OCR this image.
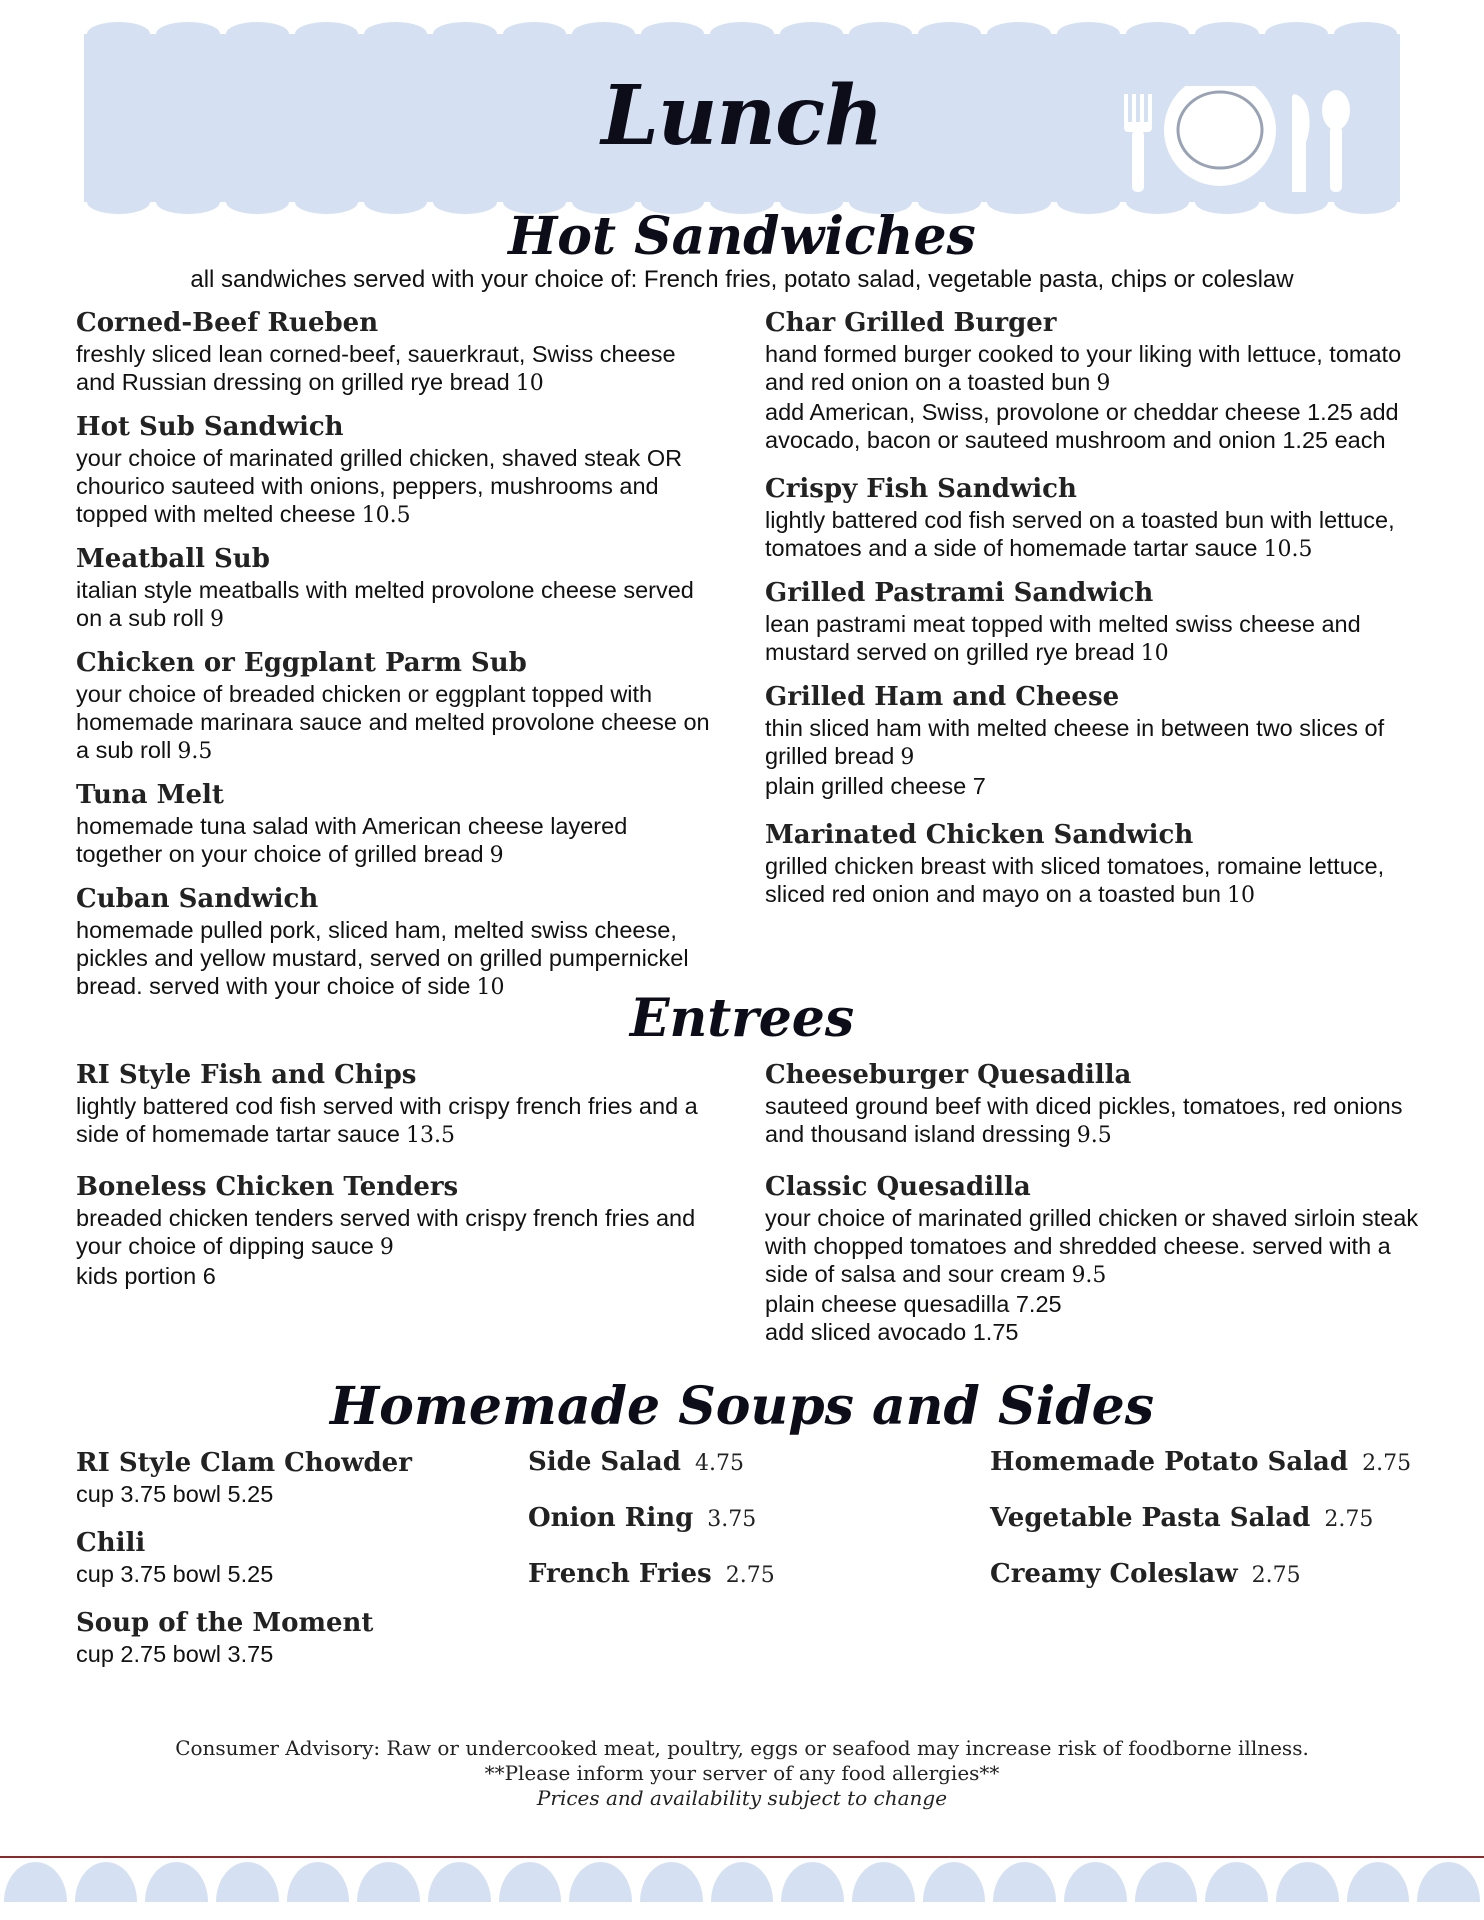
Lunch
Hot Sandwiches
all sandwiches served with your choice of: French fries, potato salad, vegetable pasta, chips or coleslaw
Corned-Beef Rueben
freshly sliced lean corned-beef, sauerkraut, Swiss cheese and Russian dressing on grilled rye bread 10
Hot Sub Sandwich
your choice of marinated grilled chicken, shaved steak OR chourico sauteed with onions, peppers, mushrooms and topped with melted cheese 10.5
Meatball Sub
italian style meatballs with melted provolone cheese served on a sub roll 9
Chicken or Eggplant Parm Sub
your choice of breaded chicken or eggplant topped with homemade marinara sauce and melted provolone cheese on a sub roll 9.5
Tuna Melt
homemade tuna salad with American cheese layered together on your choice of grilled bread 9
Cuban Sandwich
homemade pulled pork, sliced ham, melted swiss cheese, pickles and yellow mustard, served on grilled pumpernickel bread. served with your choice of side 10
Char Grilled Burger
hand formed burger cooked to your liking with lettuce, tomato and red onion on a toasted bun 9
add American, Swiss, provolone or cheddar cheese 1.25 add avocado, bacon or sauteed mushroom and onion 1.25 each
Crispy Fish Sandwich
lightly battered cod fish served on a toasted bun with lettuce, tomatoes and a side of homemade tartar sauce 10.5
Grilled Pastrami Sandwich
lean pastrami meat topped with melted swiss cheese and mustard served on grilled rye bread 10
Grilled Ham and Cheese
thin sliced ham with melted cheese in between two slices of grilled bread 9
plain grilled cheese 7
Marinated Chicken Sandwich
grilled chicken breast with sliced tomatoes, romaine lettuce, sliced red onion and mayo on a toasted bun 10
Entrees
RI Style Fish and Chips
lightly battered cod fish served with crispy french fries and a side of homemade tartar sauce 13.5
Boneless Chicken Tenders
breaded chicken tenders served with crispy french fries and your choice of dipping sauce 9
kids portion 6
Cheeseburger Quesadilla
sauteed ground beef with diced pickles, tomatoes, red onions and thousand island dressing 9.5
Classic Quesadilla
your choice of marinated grilled chicken or shaved sirloin steak with chopped tomatoes and shredded cheese. served with a side of salsa and sour cream 9.5
plain cheese quesadilla 7.25
add sliced avocado 1.75
Homemade Soups and Sides
RI Style Clam Chowder
cup 3.75 bowl 5.25
Chili
cup 3.75 bowl 5.25
Soup of the Moment
cup 2.75 bowl 3.75
Side Salad 4.75
Onion Ring 3.75
French Fries 2.75
Homemade Potato Salad 2.75
Vegetable Pasta Salad 2.75
Creamy Coleslaw 2.75
Consumer Advisory: Raw or undercooked meat, poultry, eggs or seafood may increase risk of foodborne illness.
**Please inform your server of any food allergies**
Prices and availability subject to change
